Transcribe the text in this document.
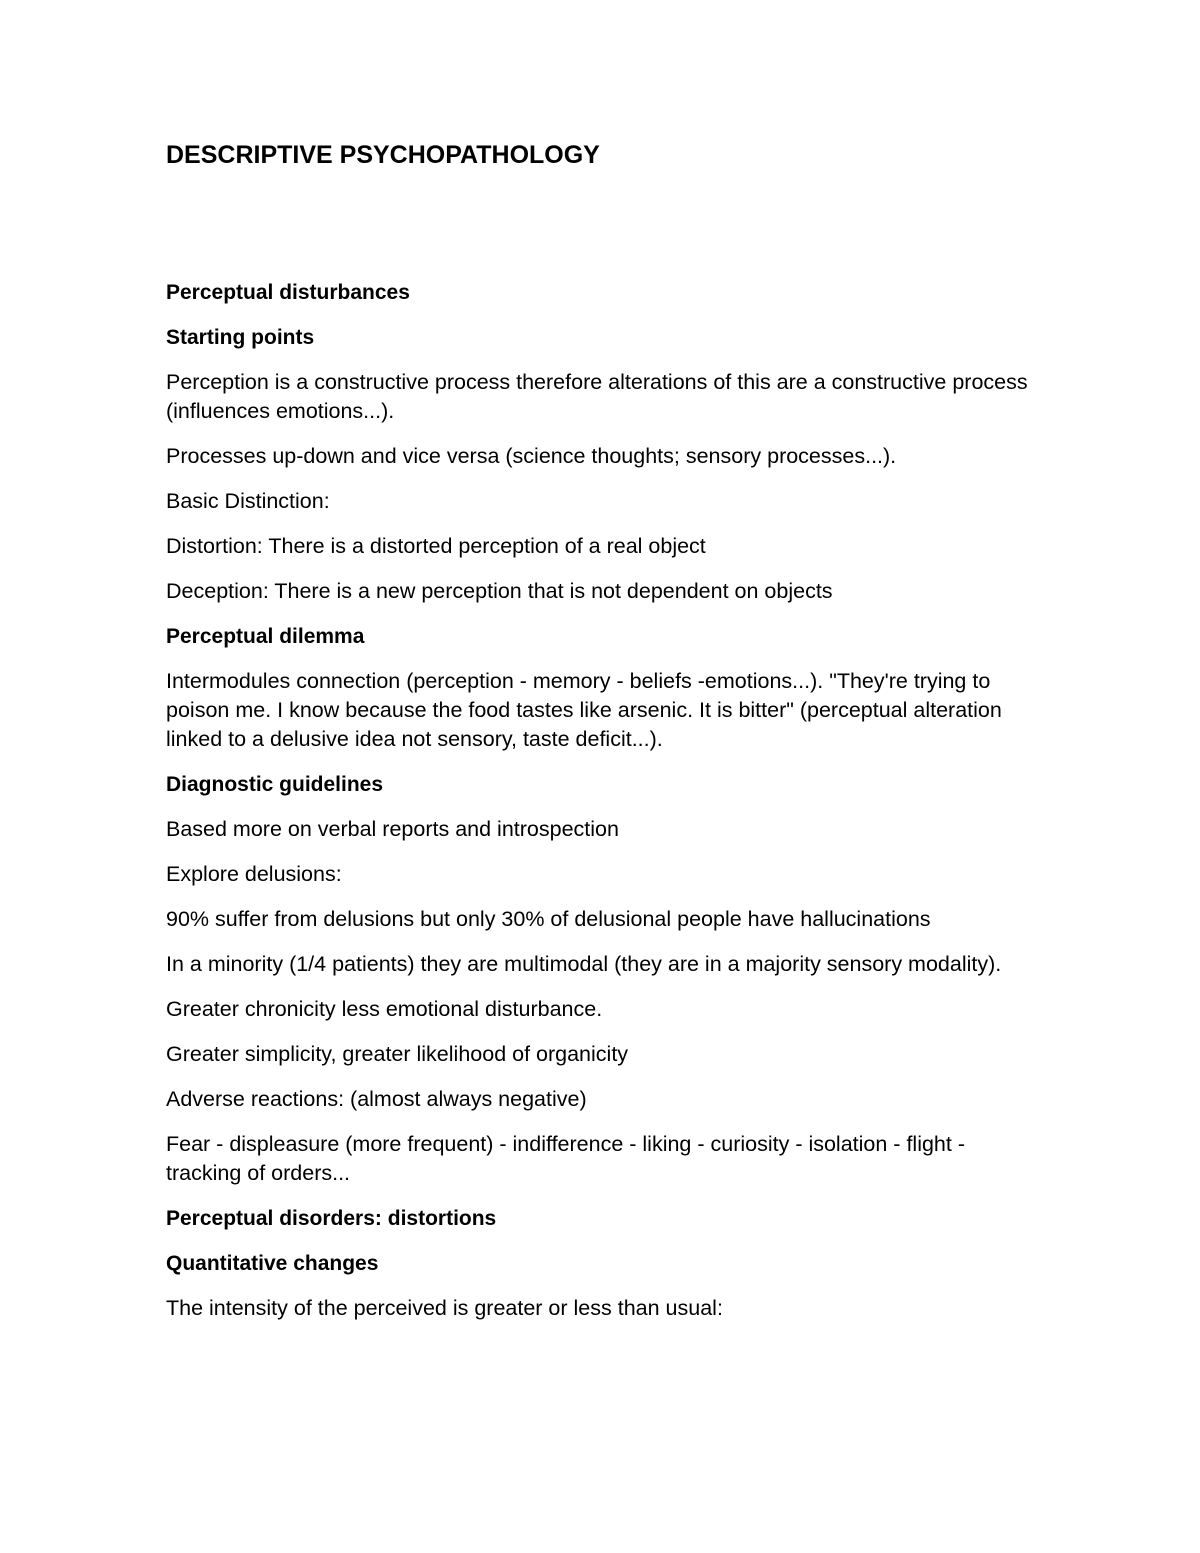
DESCRIPTIVE PSYCHOPATHOLOGY

Perceptual disturbances

Starting points

Perception is a constructive process therefore alterations of this are a constructive process (influences emotions...).

Processes up-down and vice versa (science thoughts; sensory processes...).

Basic Distinction:

Distortion: There is a distorted perception of a real object

Deception: There is a new perception that is not dependent on objects

Perceptual dilemma

Intermodules connection (perception - memory - beliefs -emotions...). "They're trying to poison me. I know because the food tastes like arsenic. It is bitter" (perceptual alteration linked to a delusive idea not sensory, taste deficit...).

Diagnostic guidelines

Based more on verbal reports and introspection

Explore delusions:

90% suffer from delusions but only 30% of delusional people have hallucinations

In a minority (1/4 patients) they are multimodal (they are in a majority sensory modality).

Greater chronicity less emotional disturbance.

Greater simplicity, greater likelihood of organicity

Adverse reactions: (almost always negative)

Fear - displeasure (more frequent) - indifference - liking - curiosity - isolation - flight - tracking of orders...

Perceptual disorders: distortions

Quantitative changes

The intensity of the perceived is greater or less than usual:
